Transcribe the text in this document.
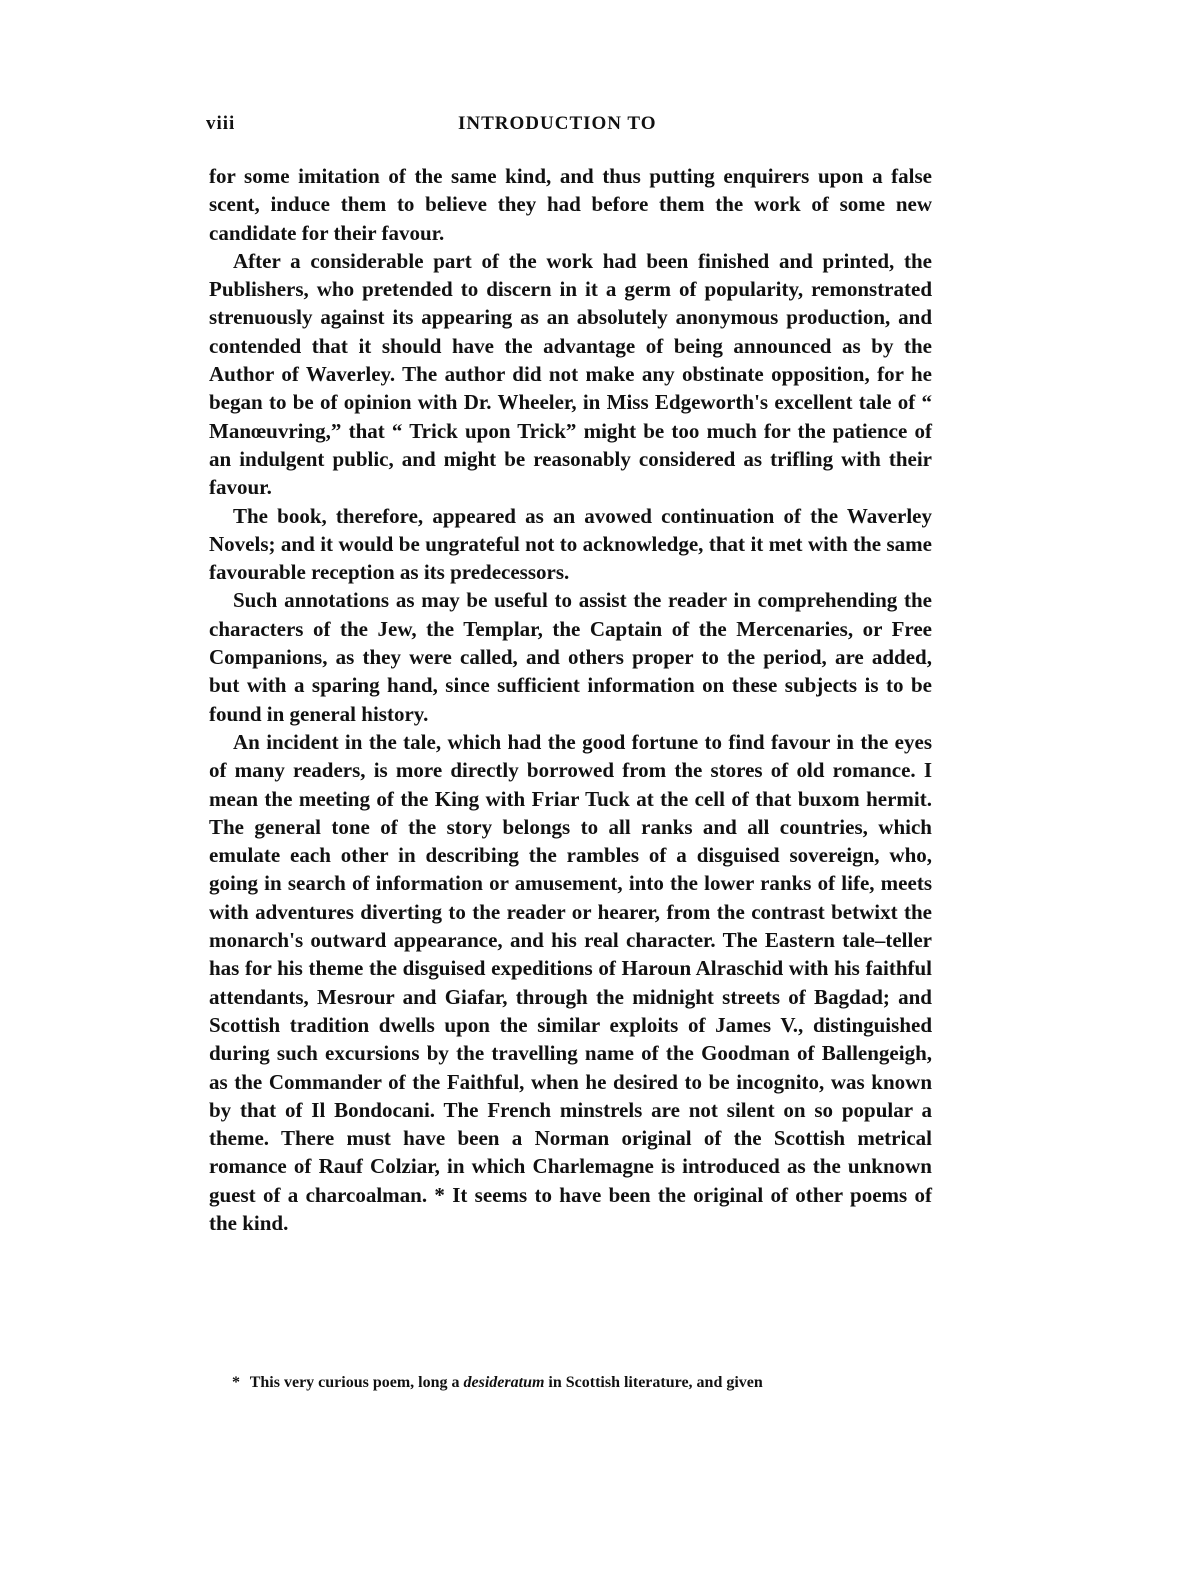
viii	INTRODUCTION TO

for some imitation of the same kind, and thus putting enquirers upon a false scent, induce them to believe they had before them the work of some new candidate for their favour.

After a considerable part of the work had been finished and printed, the Publishers, who pretended to discern in it a germ of popularity, remonstrated strenuously against its appearing as an absolutely anonymous production, and contended that it should have the advantage of being announced as by the Author of Waverley. The author did not make any obstinate opposition, for he began to be of opinion with Dr. Wheeler, in Miss Edgeworth's excellent tale of “ Manœuvring,” that “ Trick upon Trick” might be too much for the patience of an indulgent public, and might be reasonably considered as trifling with their favour.

The book, therefore, appeared as an avowed continuation of the Waverley Novels; and it would be ungrateful not to acknowledge, that it met with the same favourable reception as its predecessors.

Such annotations as may be useful to assist the reader in comprehending the characters of the Jew, the Templar, the Captain of the Mercenaries, or Free Companions, as they were called, and others proper to the period, are added, but with a sparing hand, since sufficient information on these subjects is to be found in general history.

An incident in the tale, which had the good fortune to find favour in the eyes of many readers, is more directly borrowed from the stores of old romance. I mean the meeting of the King with Friar Tuck at the cell of that buxom hermit. The general tone of the story belongs to all ranks and all countries, which emulate each other in describing the rambles of a disguised sovereign, who, going in search of information or amusement, into the lower ranks of life, meets with adventures diverting to the reader or hearer, from the contrast betwixt the monarch's outward appearance, and his real character. The Eastern tale–teller has for his theme the disguised expeditions of Haroun Alraschid with his faithful attendants, Mesrour and Giafar, through the midnight streets of Bagdad; and Scottish tradition dwells upon the similar exploits of James V., distinguished during such excursions by the travelling name of the Goodman of Ballengeigh, as the Commander of the Faithful, when he desired to be incognito, was known by that of Il Bondocani. The French minstrels are not silent on so popular a theme. There must have been a Norman original of the Scottish metrical romance of Rauf Colziar, in which Charlemagne is introduced as the unknown guest of a charcoalman. * It seems to have been the original of other poems of the kind.

* This very curious poem, long a desideratum in Scottish literature, and given
